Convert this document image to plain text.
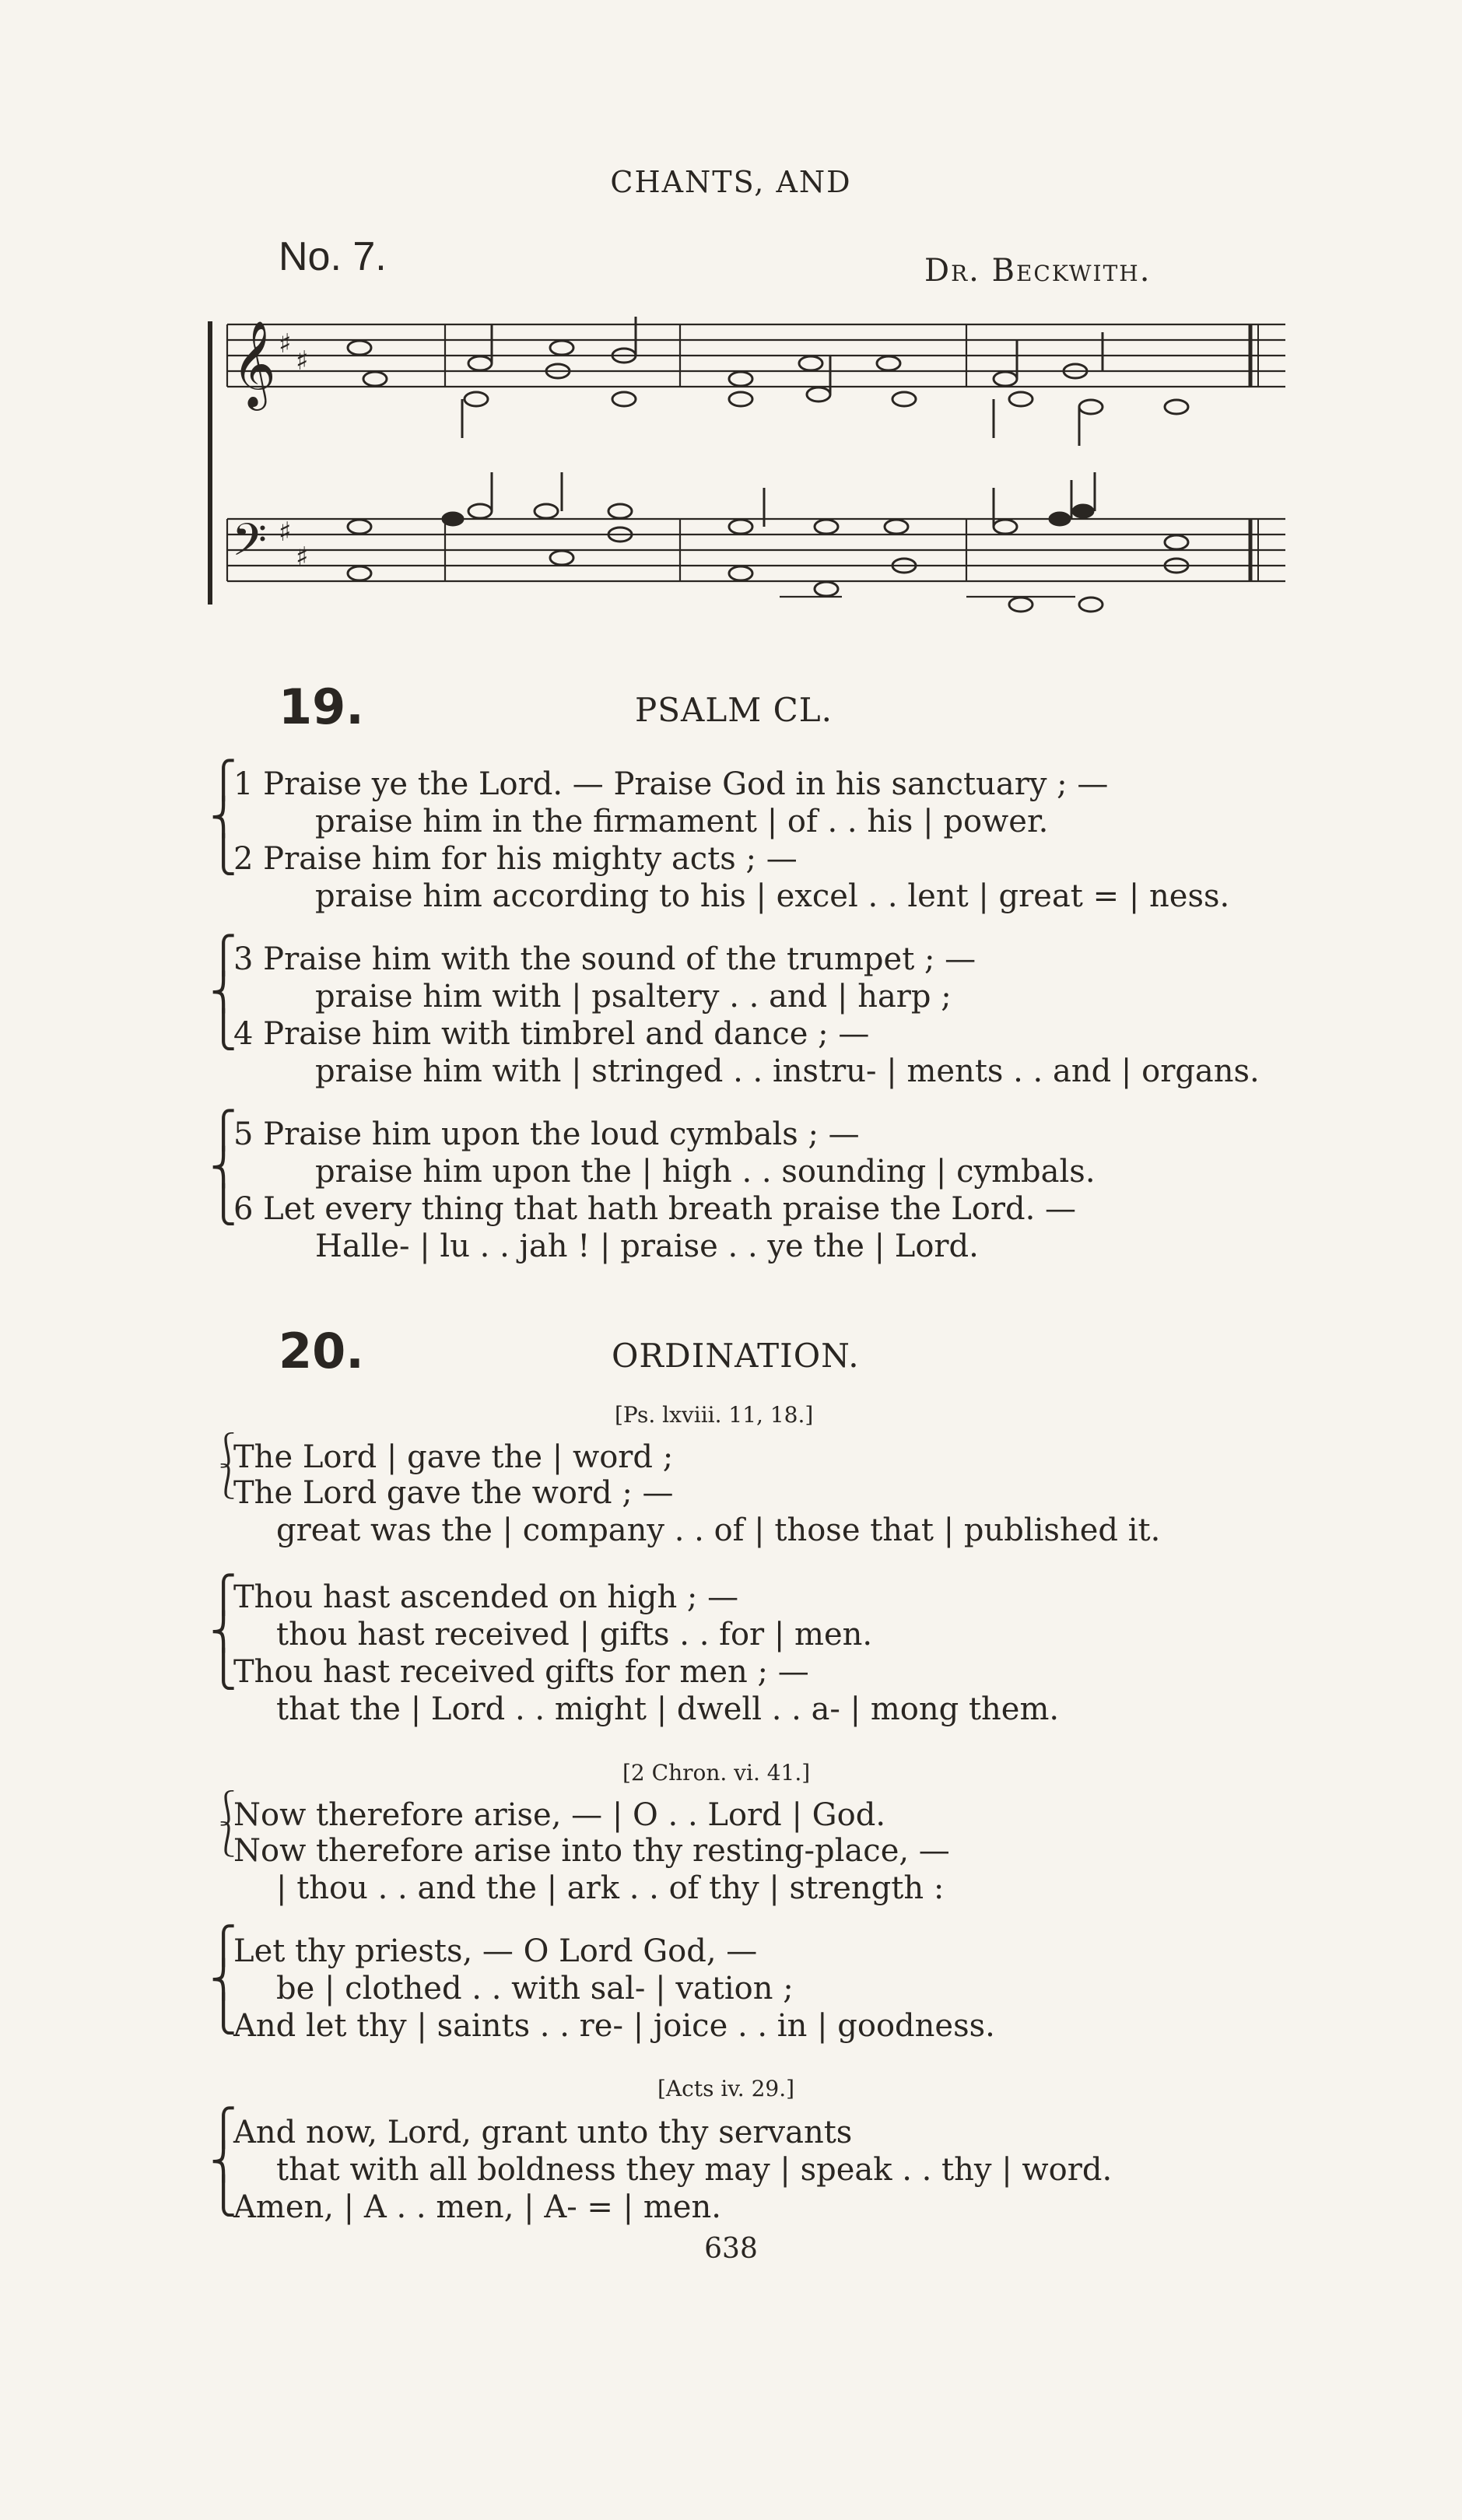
CHANTS, AND
No. 7.	Dr. Beckwith.
𝄞 ♯
♯
𝄢 ♯
♯
19.	PSALM CL.
⎧
⎨
⎩
1 Praise ye the Lord. — Praise God in his sanctuary ; —
praise him in the firmament | of . . his | power.
2 Praise him for his mighty acts ; —
praise him according to his | excel . . lent | great = | ness.
⎧
⎨
⎩
3 Praise him with the sound of the trumpet ; —
praise him with | psaltery . . and | harp ;
4 Praise him with timbrel and dance ; —
praise him with | stringed . . instru- | ments . . and | organs.
⎧
⎨
⎩
5 Praise him upon the loud cymbals ; —
praise him upon the | high . . sounding | cymbals.
6 Let every thing that hath breath praise the Lord. —
Halle- | lu . . jah ! | praise . . ye the | Lord.
20.	ORDINATION.
[Ps. lxviii. 11, 18.]
⎰
⎱
The Lord | gave the | word ;
The Lord gave the word ; —
great was the | company . . of | those that | published it.
⎧
⎨
⎩
Thou hast ascended on high ; —
thou hast received | gifts . . for | men.
Thou hast received gifts for men ; —
that the | Lord . . might | dwell . . a- | mong them.
[2 Chron. vi. 41.]
⎰
⎱
Now therefore arise, — | O . . Lord | God.
Now therefore arise into thy resting-place, —
| thou . . and the | ark . . of thy | strength :
⎧
⎨
⎩
Let thy priests, — O Lord God, —
be | clothed . . with sal- | vation ;
And let thy | saints . . re- | joice . . in | goodness.
[Acts iv. 29.]
⎧
⎨
⎩
And now, Lord, grant unto thy servants
that with all boldness they may | speak . . thy | word.
Amen, | A . . men, | A- = | men.
638
